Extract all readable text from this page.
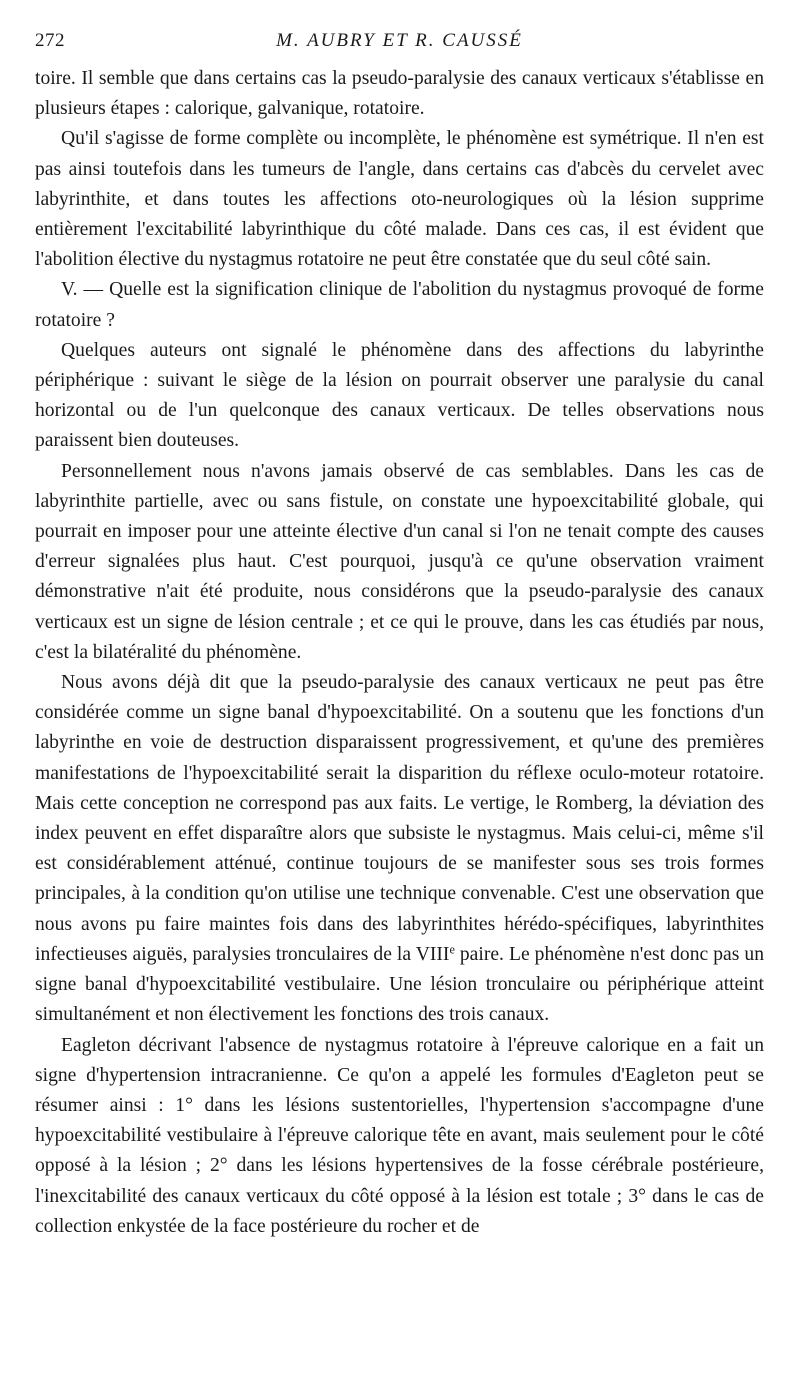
272	M. AUBRY ET R. CAUSSÉ

toire. Il semble que dans certains cas la pseudo-paralysie des canaux verticaux s'établisse en plusieurs étapes : calorique, galvanique, rotatoire.

Qu'il s'agisse de forme complète ou incomplète, le phénomène est symétrique. Il n'en est pas ainsi toutefois dans les tumeurs de l'angle, dans certains cas d'abcès du cervelet avec labyrinthite, et dans toutes les affections oto-neurologiques où la lésion supprime entièrement l'excitabilité labyrinthique du côté malade. Dans ces cas, il est évident que l'abolition élective du nystagmus rotatoire ne peut être constatée que du seul côté sain.

V. — Quelle est la signification clinique de l'abolition du nystagmus provoqué de forme rotatoire ?

Quelques auteurs ont signalé le phénomène dans des affections du labyrinthe périphérique : suivant le siège de la lésion on pourrait observer une paralysie du canal horizontal ou de l'un quelconque des canaux verticaux. De telles observations nous paraissent bien douteuses.

Personnellement nous n'avons jamais observé de cas semblables. Dans les cas de labyrinthite partielle, avec ou sans fistule, on constate une hypoexcitabilité globale, qui pourrait en imposer pour une atteinte élective d'un canal si l'on ne tenait compte des causes d'erreur signalées plus haut. C'est pourquoi, jusqu'à ce qu'une observation vraiment démonstrative n'ait été produite, nous considérons que la pseudo-paralysie des canaux verticaux est un signe de lésion centrale ; et ce qui le prouve, dans les cas étudiés par nous, c'est la bilatéralité du phénomène.

Nous avons déjà dit que la pseudo-paralysie des canaux verticaux ne peut pas être considérée comme un signe banal d'hypoexcitabilité. On a soutenu que les fonctions d'un labyrinthe en voie de destruction disparaissent progressivement, et qu'une des premières manifestations de l'hypoexcitabilité serait la disparition du réflexe oculo-moteur rotatoire. Mais cette conception ne correspond pas aux faits. Le vertige, le Romberg, la déviation des index peuvent en effet disparaître alors que subsiste le nystagmus. Mais celui-ci, même s'il est considérablement atténué, continue toujours de se manifester sous ses trois formes principales, à la condition qu'on utilise une technique convenable. C'est une observation que nous avons pu faire maintes fois dans des labyrinthites hérédo-spécifiques, labyrinthites infectieuses aiguës, paralysies tronculaires de la VIIIe paire. Le phénomène n'est donc pas un signe banal d'hypoexcitabilité vestibulaire. Une lésion tronculaire ou périphérique atteint simultanément et non électivement les fonctions des trois canaux.

Eagleton décrivant l'absence de nystagmus rotatoire à l'épreuve calorique en a fait un signe d'hypertension intracranienne. Ce qu'on a appelé les formules d'Eagleton peut se résumer ainsi : 1° dans les lésions sustentorielles, l'hypertension s'accompagne d'une hypoexcitabilité vestibulaire à l'épreuve calorique tête en avant, mais seulement pour le côté opposé à la lésion ; 2° dans les lésions hypertensives de la fosse cérébrale postérieure, l'inexcitabilité des canaux verticaux du côté opposé à la lésion est totale ; 3° dans le cas de collection enkystée de la face postérieure du rocher et de
